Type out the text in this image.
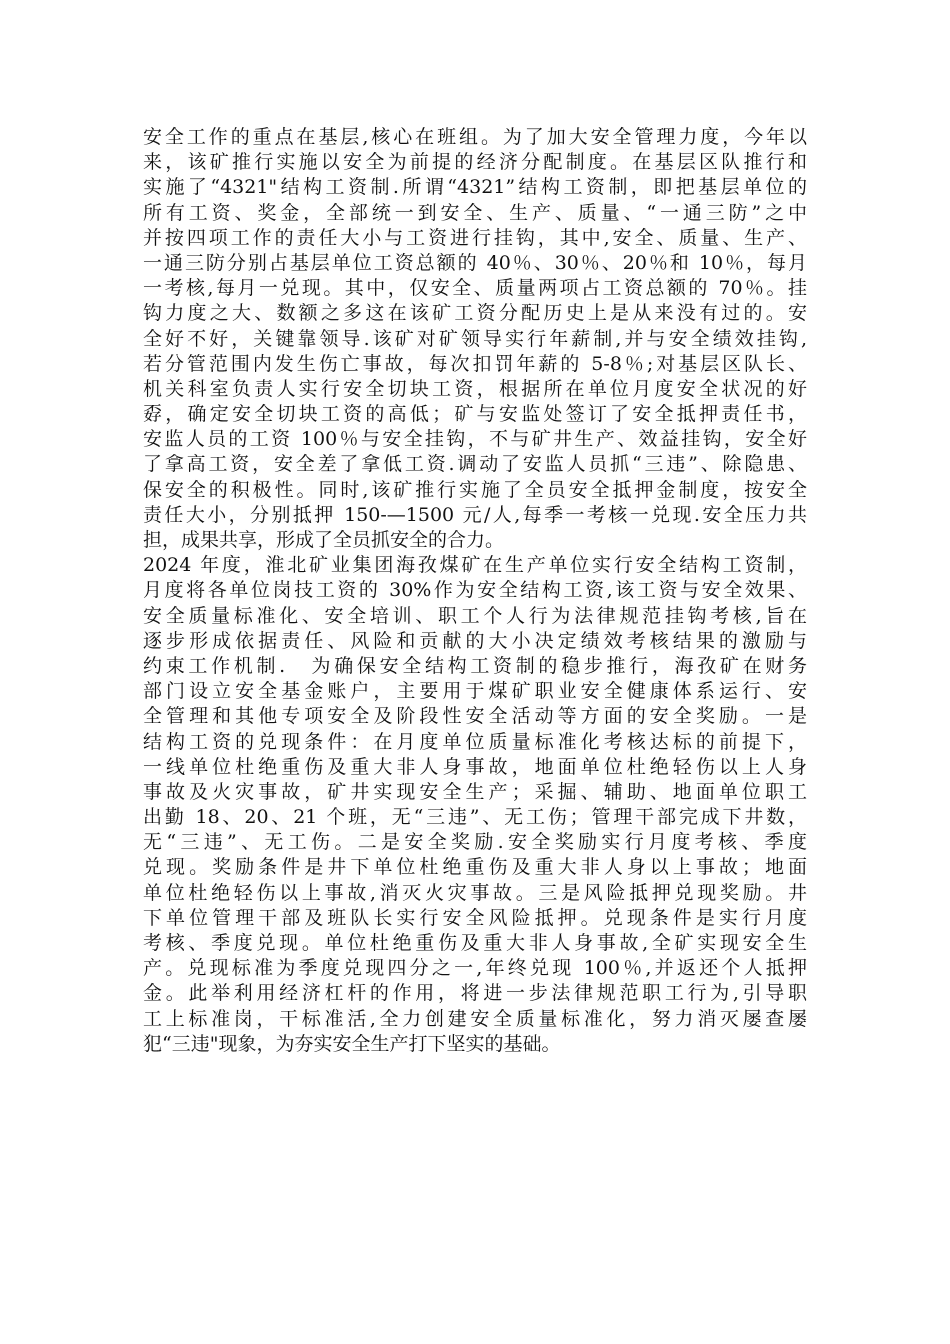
安全工作的重点在基层,核心在班组。为了加大安全管理力度，今年以
来，该矿推行实施以安全为前提的经济分配制度。在基层区队推行和
实施了“4321"结构工资制.所谓“4321”结构工资制，即把基层单位的
所有工资、奖金，全部统一到安全、生产、质量、“一通三防”之中
并按四项工作的责任大小与工资进行挂钩，其中,安全、质量、生产、
一通三防分别占基层单位工资总额的 40％、30％、20％和 10％，每月
一考核,每月一兑现。其中，仅安全、质量两项占工资总额的 70％。挂
钩力度之大、数额之多这在该矿工资分配历史上是从来没有过的。安
全好不好，关键靠领导.该矿对矿领导实行年薪制,并与安全绩效挂钩,
若分管范围内发生伤亡事故，每次扣罚年薪的 5-8％;对基层区队长、
机关科室负责人实行安全切块工资，根据所在单位月度安全状况的好
孬，确定安全切块工资的高低；矿与安监处签订了安全抵押责任书，
安监人员的工资 100％与安全挂钩，不与矿井生产、效益挂钩，安全好
了拿高工资，安全差了拿低工资.调动了安监人员抓“三违”、除隐患、
保安全的积极性。同时,该矿推行实施了全员安全抵押金制度，按安全
责任大小，分别抵押 150-—1500 元/人,每季一考核一兑现.安全压力共
担，成果共享，形成了全员抓安全的合力。
2024 年度，淮北矿业集团海孜煤矿在生产单位实行安全结构工资制，
月度将各单位岗技工资的 30%作为安全结构工资,该工资与安全效果、
安全质量标准化、安全培训、职工个人行为法律规范挂钩考核,旨在
逐步形成依据责任、风险和贡献的大小决定绩效考核结果的激励与
约束工作机制.　为确保安全结构工资制的稳步推行，海孜矿在财务
部门设立安全基金账户，主要用于煤矿职业安全健康体系运行、安
全管理和其他专项安全及阶段性安全活动等方面的安全奖励。一是
结构工资的兑现条件：在月度单位质量标准化考核达标的前提下，
一线单位杜绝重伤及重大非人身事故，地面单位杜绝轻伤以上人身
事故及火灾事故，矿井实现安全生产；采掘、辅助、地面单位职工
出勤 18、20、21 个班，无“三违”、无工伤；管理干部完成下井数，
无“三违”、无工伤。二是安全奖励.安全奖励实行月度考核、季度
兑现。奖励条件是井下单位杜绝重伤及重大非人身以上事故；地面
单位杜绝轻伤以上事故,消灭火灾事故。三是风险抵押兑现奖励。井
下单位管理干部及班队长实行安全风险抵押。兑现条件是实行月度
考核、季度兑现。单位杜绝重伤及重大非人身事故,全矿实现安全生
产。兑现标准为季度兑现四分之一,年终兑现 100％,并返还个人抵押
金。此举利用经济杠杆的作用，将进一步法律规范职工行为,引导职
工上标准岗，干标准活,全力创建安全质量标准化，努力消灭屡查屡
犯“三违"现象，为夯实安全生产打下坚实的基础。
